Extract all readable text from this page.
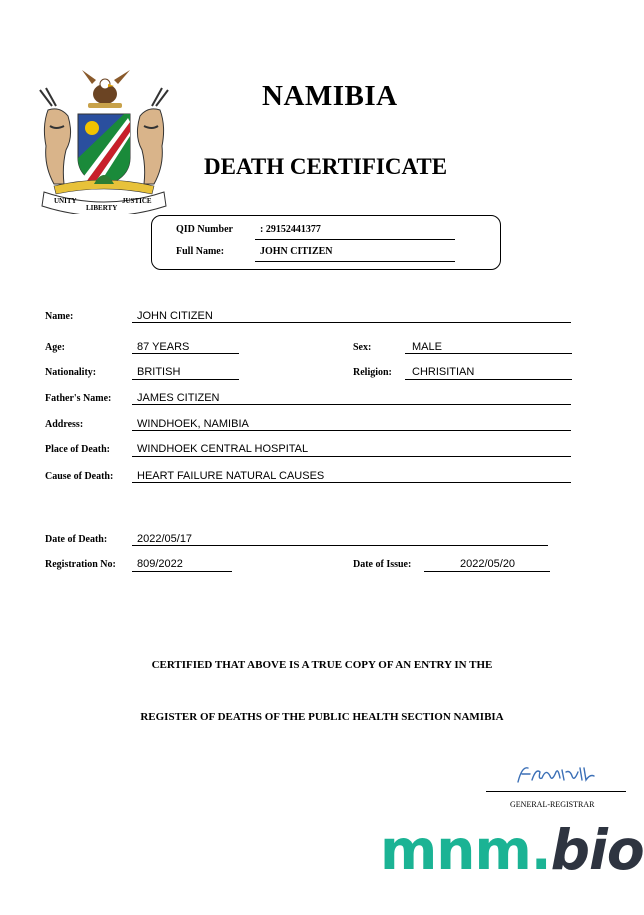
UNITY
LIBERTY
JUSTICE
NAMIBIA
DEATH CERTIFICATE
QID Number	: 29152441377
Full Name:	JOHN CITIZEN
Name:	JOHN CITIZEN
Age:	87 YEARS	Sex:	MALE
Nationality:	BRITISH	Religion: CHRISITIAN
Father's Name: JAMES CITIZEN
Address:	WINDHOEK, NAMIBIA
Place of Death: WINDHOEK CENTRAL HOSPITAL
Cause of Death: HEART FAILURE NATURAL CAUSES
Date of Death:	2022/05/17
Registration No: 809/2022	Date of Issue:	2022/05/20
CERTIFIED THAT ABOVE IS A TRUE COPY OF AN ENTRY IN THE
REGISTER OF DEATHS OF THE PUBLIC HEALTH SECTION NAMIBIA
GENERAL-REGISTRAR
mnm.bio
